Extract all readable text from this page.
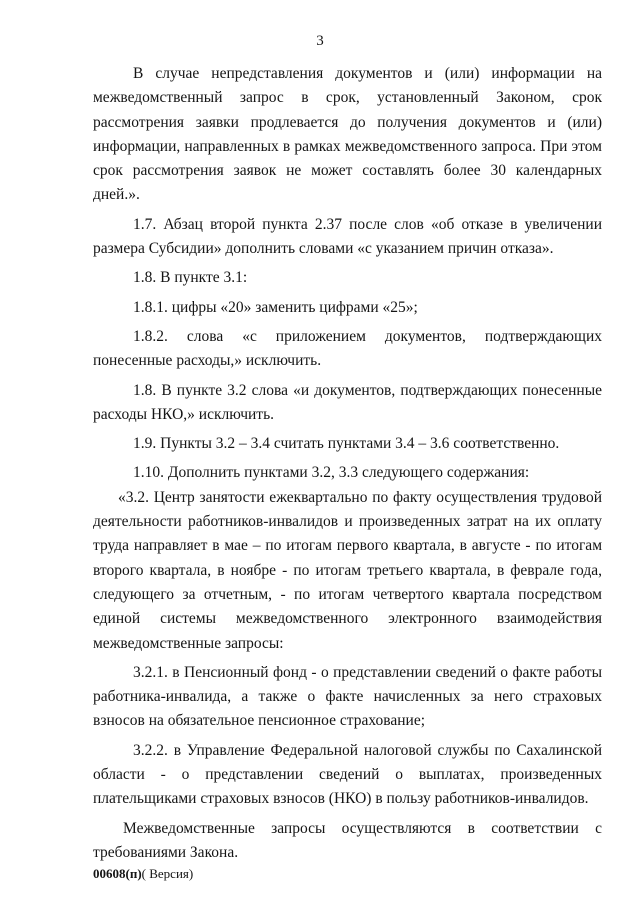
3

В случае непредставления документов и (или) информации на межведомственный запрос в срок, установленный Законом, срок рассмотрения заявки продлевается до получения документов и (или) информации, направленных в рамках межведомственного запроса. При этом срок рассмотрения заявок не может составлять более 30 календарных дней.».

1.7. Абзац второй пункта 2.37 после слов «об отказе в увеличении размера Субсидии» дополнить словами «с указанием причин отказа».

1.8. В пункте 3.1:

1.8.1. цифры «20» заменить цифрами «25»;

1.8.2. слова «с приложением документов, подтверждающих понесенные расходы,» исключить.

1.8. В пункте 3.2 слова «и документов, подтверждающих понесенные расходы НКО,» исключить.

1.9. Пункты 3.2 – 3.4 считать пунктами 3.4 – 3.6 соответственно.

1.10. Дополнить пунктами 3.2, 3.3 следующего содержания:

«3.2. Центр занятости ежеквартально по факту осуществления трудовой деятельности работников-инвалидов и произведенных затрат на их оплату труда направляет в мае – по итогам первого квартала, в августе - по итогам второго квартала, в ноябре - по итогам третьего квартала, в феврале года, следующего за отчетным, - по итогам четвертого квартала посредством единой системы межведомственного электронного взаимодействия межведомственные запросы:

3.2.1. в Пенсионный фонд - о представлении сведений о факте работы работника-инвалида, а также о факте начисленных за него страховых взносов на обязательное пенсионное страхование;

3.2.2. в Управление Федеральной налоговой службы по Сахалинской области - о представлении сведений о выплатах, произведенных плательщиками страховых взносов (НКО) в пользу работников-инвалидов.

Межведомственные запросы осуществляются в соответствии с требованиями Закона.

00608(п)( Версия)
